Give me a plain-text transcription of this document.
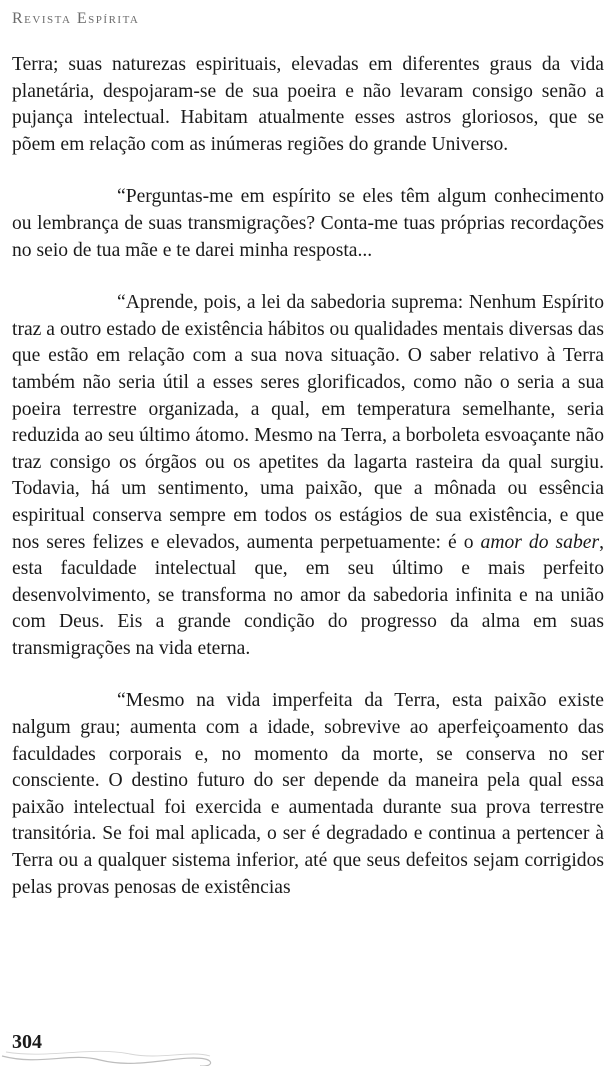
Revista Espírita

Terra; suas naturezas espirituais, elevadas em diferentes graus da vida planetária, despojaram-se de sua poeira e não levaram consigo senão a pujança intelectual. Habitam atualmente esses astros gloriosos, que se põem em relação com as inúmeras regiões do grande Universo.

“Perguntas-me em espírito se eles têm algum conhecimento ou lembrança de suas transmigrações? Conta-me tuas próprias recordações no seio de tua mãe e te darei minha resposta...

“Aprende, pois, a lei da sabedoria suprema: Nenhum Espírito traz a outro estado de existência hábitos ou qualidades mentais diversas das que estão em relação com a sua nova situação. O saber relativo à Terra também não seria útil a esses seres glorificados, como não o seria a sua poeira terrestre organizada, a qual, em temperatura semelhante, seria reduzida ao seu último átomo. Mesmo na Terra, a borboleta esvoaçante não traz consigo os órgãos ou os apetites da lagarta rasteira da qual surgiu. Todavia, há um sentimento, uma paixão, que a mônada ou essência espiritual conserva sempre em todos os estágios de sua existência, e que nos seres felizes e elevados, aumenta perpetuamente: é o amor do saber, esta faculdade intelectual que, em seu último e mais perfeito desenvolvimento, se transforma no amor da sabedoria infinita e na união com Deus. Eis a grande condição do progresso da alma em suas transmigrações na vida eterna.

“Mesmo na vida imperfeita da Terra, esta paixão existe nalgum grau; aumenta com a idade, sobrevive ao aperfeiçoamento das faculdades corporais e, no momento da morte, se conserva no ser consciente. O destino futuro do ser depende da maneira pela qual essa paixão intelectual foi exercida e aumentada durante sua prova terrestre transitória. Se foi mal aplicada, o ser é degradado e continua a pertencer à Terra ou a qualquer sistema inferior, até que seus defeitos sejam corrigidos pelas provas penosas de existências

304
